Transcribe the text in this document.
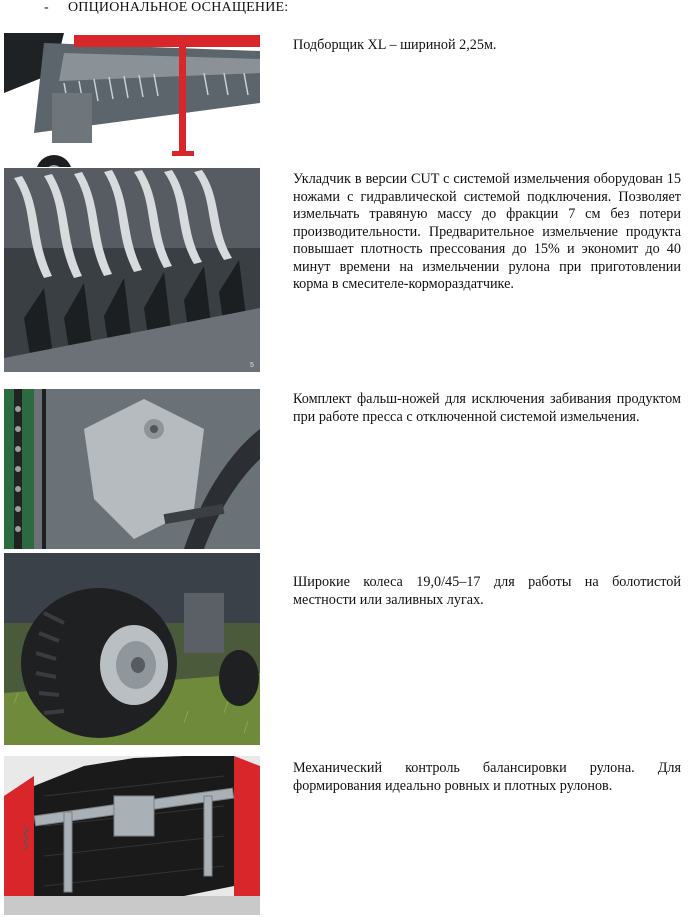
- ОПЦИОНАЛЬНОЕ ОСНАЩЕНИЕ:
Подборщик XL – шириной 2,25м.
5
Укладчик в версии CUT с системой измельчения оборудован 15 ножами с гидравлической системой подключения. Позволяет измельчать травяную массу до фракции 7 см без потери производительности. Предварительное измельчение продукта повышает плотность прессования до 15% и экономит до 40 минут времени на измельчении рулона при приготовлении корма в смесителе-кормораздатчике.
Комплект фальш-ножей для исключения забивания продуктом при работе пресса с отключенной системой измельчения.
Широкие колеса 19,0/45–17 для работы на болотистой местности или заливных лугах.
Механический контроль балансировки рулона. Для формирования идеально ровных и плотных рулонов.
